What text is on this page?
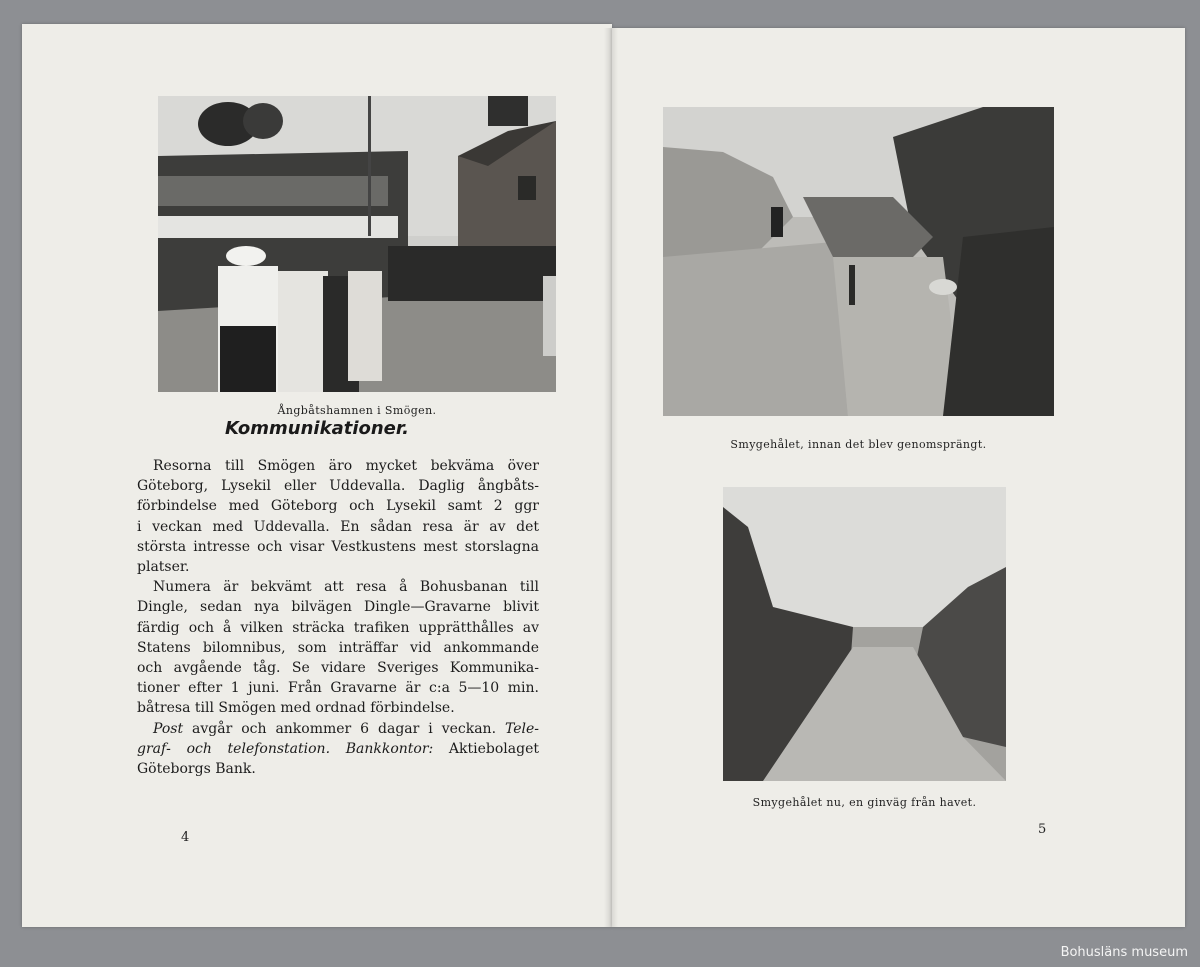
Ångbåtshamnen i Smögen.
Kommunikationer.
Resorna till Smögen äro mycket bekväma över
Göteborg, Lysekil eller Uddevalla. Daglig ångbåts‐
förbindelse med Göteborg och Lysekil samt 2 ggr
i veckan med Uddevalla. En sådan resa är av det
största intresse och visar Vestkustens mest storslagna
platser.
Numera är bekvämt att resa å Bohusbanan till
Dingle, sedan nya bilvägen Dingle—Gravarne blivit
färdig och å vilken sträcka trafiken upprätthålles av
Statens bilomnibus, som inträffar vid ankommande
och avgående tåg. Se vidare Sveriges Kommunika‐
tioner efter 1 juni. Från Gravarne är c:a 5—10 min.
båtresa till Smögen med ordnad förbindelse.
Post avgår och ankommer 6 dagar i veckan. Tele‐
graf‐ och telefonstation. Bankkontor: Aktiebolaget
Göteborgs Bank.
4
Smygehålet, innan det blev genomsprängt.
Smygehålet nu, en ginväg från havet.
5
Bohusläns museum
